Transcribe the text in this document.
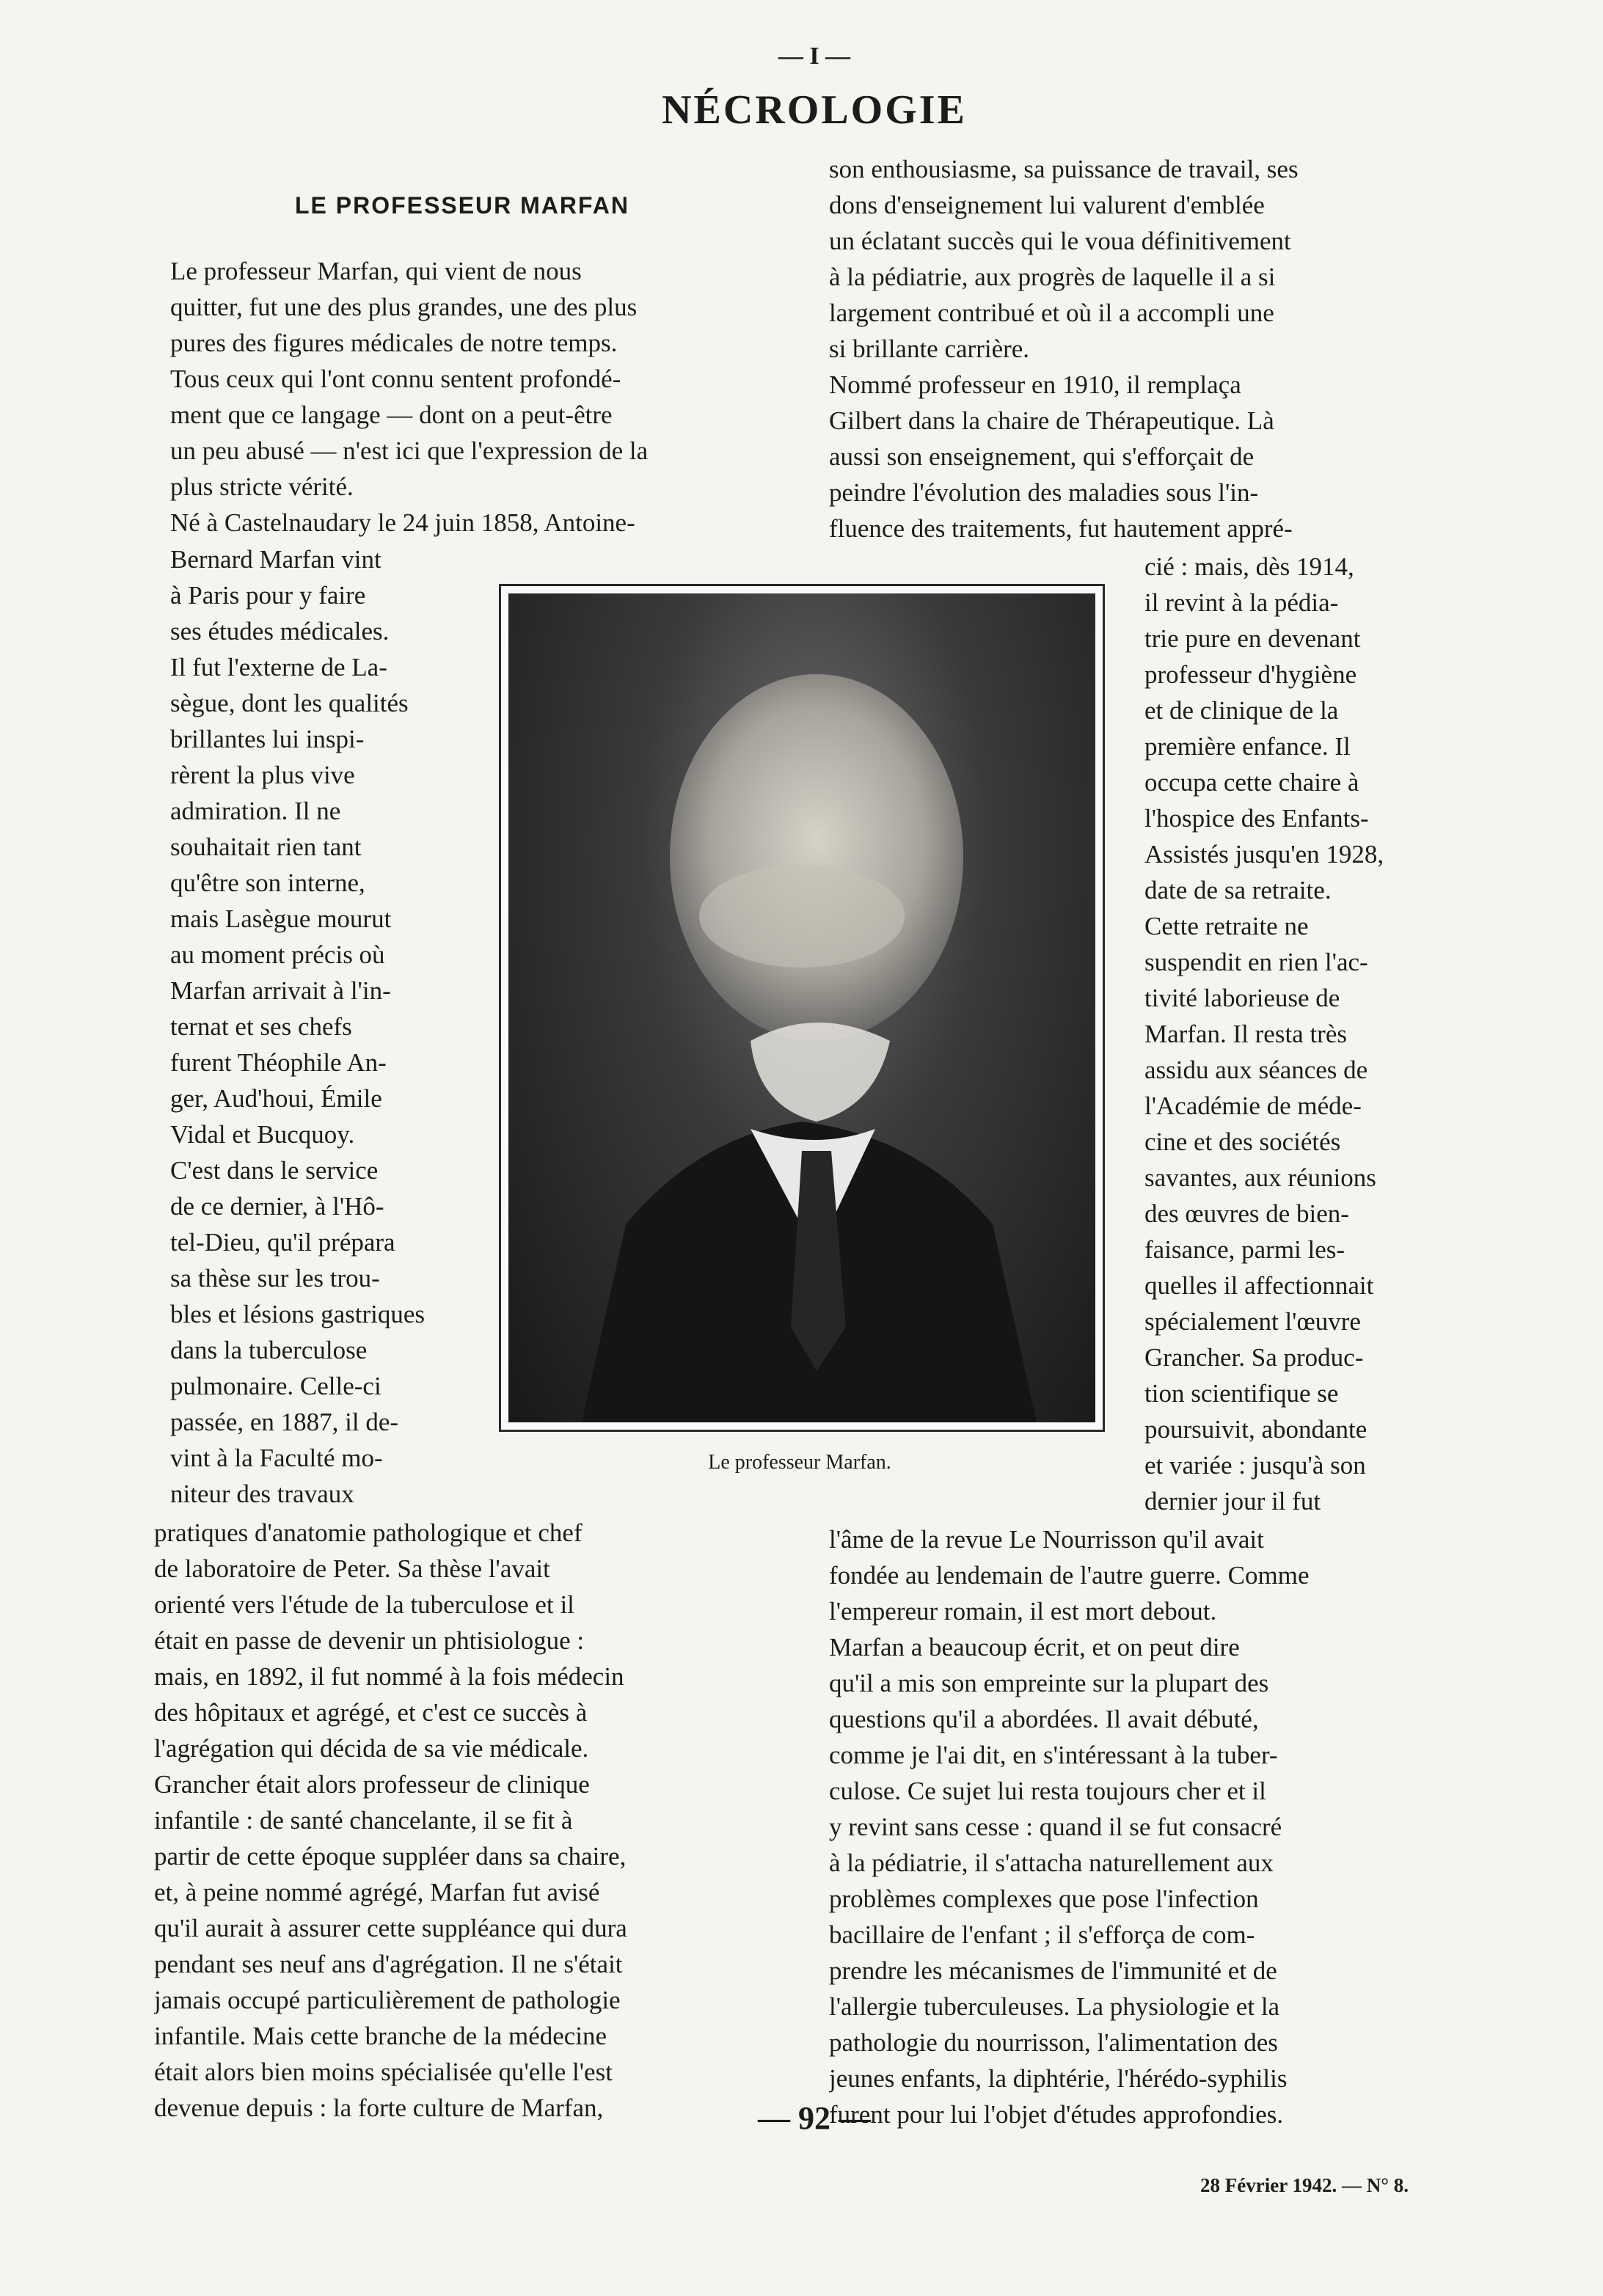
— I —
NÉCROLOGIE
LE PROFESSEUR MARFAN
Le professeur Marfan, qui vient de nous
quitter, fut une des plus grandes, une des plus
pures des figures médicales de notre temps.
Tous ceux qui l'ont connu sentent profondé-
ment que ce langage — dont on a peut-être
un peu abusé — n'est ici que l'expression de la
plus stricte vérité.
Né à Castelnaudary le 24 juin 1858, Antoine-
Bernard Marfan vint
à Paris pour y faire
ses études médicales.
Il fut l'externe de La-
sègue, dont les qualités
brillantes lui inspi-
rèrent la plus vive
admiration. Il ne
souhaitait rien tant
qu'être son interne,
mais Lasègue mourut
au moment précis où
Marfan arrivait à l'in-
ternat et ses chefs
furent Théophile An-
ger, Aud'houi, Émile
Vidal et Bucquoy.
C'est dans le service
de ce dernier, à l'Hô-
tel-Dieu, qu'il prépara
sa thèse sur les trou-
bles et lésions gastriques
dans la tuberculose
pulmonaire. Celle-ci
passée, en 1887, il de-
vint à la Faculté mo-
niteur des travaux
pratiques d'anatomie pathologique et chef
de laboratoire de Peter. Sa thèse l'avait
orienté vers l'étude de la tuberculose et il
était en passe de devenir un phtisiologue :
mais, en 1892, il fut nommé à la fois médecin
des hôpitaux et agrégé, et c'est ce succès à
l'agrégation qui décida de sa vie médicale.
Grancher était alors professeur de clinique
infantile : de santé chancelante, il se fit à
partir de cette époque suppléer dans sa chaire,
et, à peine nommé agrégé, Marfan fut avisé
qu'il aurait à assurer cette suppléance qui dura
pendant ses neuf ans d'agrégation. Il ne s'était
jamais occupé particulièrement de pathologie
infantile. Mais cette branche de la médecine
était alors bien moins spécialisée qu'elle l'est
devenue depuis : la forte culture de Marfan,
son enthousiasme, sa puissance de travail, ses
dons d'enseignement lui valurent d'emblée
un éclatant succès qui le voua définitivement
à la pédiatrie, aux progrès de laquelle il a si
largement contribué et où il a accompli une
si brillante carrière.
Nommé professeur en 1910, il remplaça
Gilbert dans la chaire de Thérapeutique. Là
aussi son enseignement, qui s'efforçait de
peindre l'évolution des maladies sous l'in-
fluence des traitements, fut hautement appré-
cié : mais, dès 1914,
il revint à la pédia-
trie pure en devenant
professeur d'hygiène
et de clinique de la
première enfance. Il
occupa cette chaire à
l'hospice des Enfants-
Assistés jusqu'en 1928,
date de sa retraite.
Cette retraite ne
suspendit en rien l'ac-
tivité laborieuse de
Marfan. Il resta très
assidu aux séances de
l'Académie de méde-
cine et des sociétés
savantes, aux réunions
des œuvres de bien-
faisance, parmi les-
quelles il affectionnait
spécialement l'œuvre
Grancher. Sa produc-
tion scientifique se
poursuivit, abondante
et variée : jusqu'à son
dernier jour il fut
l'âme de la revue Le Nourrisson qu'il avait
fondée au lendemain de l'autre guerre. Comme
l'empereur romain, il est mort debout.
Marfan a beaucoup écrit, et on peut dire
qu'il a mis son empreinte sur la plupart des
questions qu'il a abordées. Il avait débuté,
comme je l'ai dit, en s'intéressant à la tuber-
culose. Ce sujet lui resta toujours cher et il
y revint sans cesse : quand il se fut consacré
à la pédiatrie, il s'attacha naturellement aux
problèmes complexes que pose l'infection
bacillaire de l'enfant ; il s'efforça de com-
prendre les mécanismes de l'immunité et de
l'allergie tuberculeuses. La physiologie et la
pathologie du nourrisson, l'alimentation des
jeunes enfants, la diphtérie, l'hérédo-syphilis
furent pour lui l'objet d'études approfondies.
Le professeur Marfan.
— 92 —
28 Février 1942. — N° 8.
